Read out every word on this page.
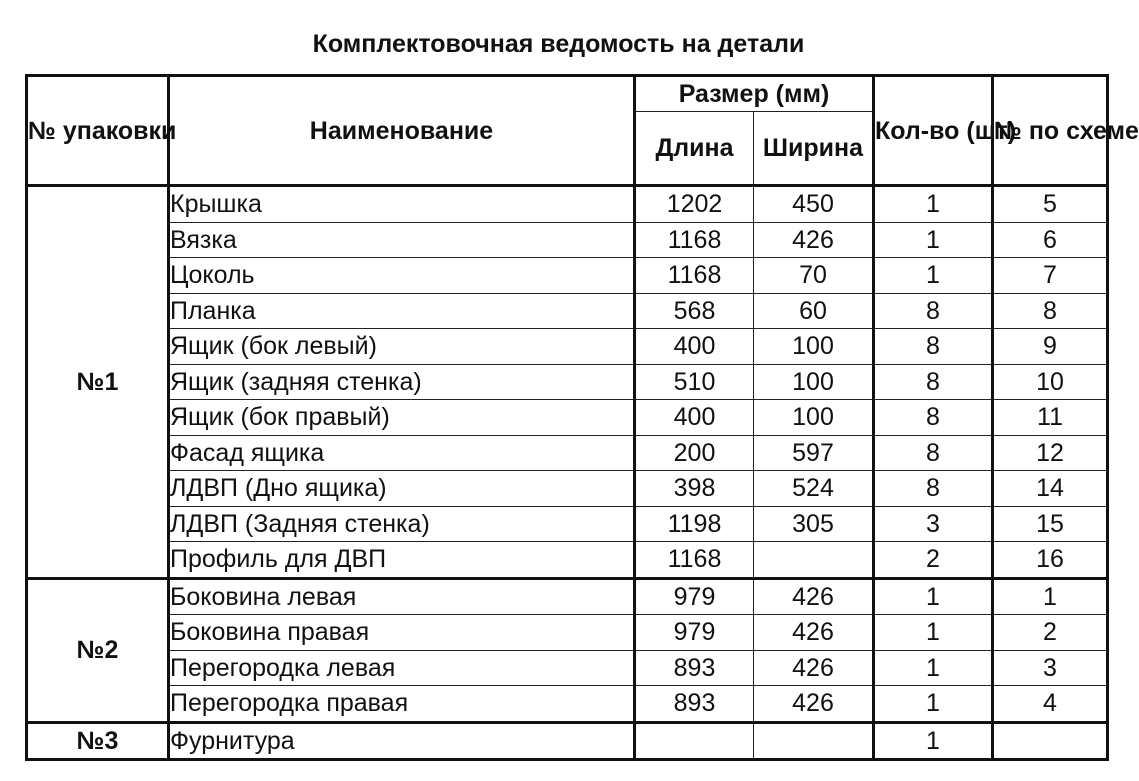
Комплектовочная ведомость на детали
№ упаковки	Наименование	Размер (мм)		Кол-во (шт)	№ по схеме
		Длина	Ширина		
№1	Крышка	1202	450	1	5
	Вязка	1168	426	1	6
	Цоколь	1168	70	1	7
	Планка	568	60	8	8
	Ящик (бок левый)	400	100	8	9
	Ящик (задняя стенка)	510	100	8	10
	Ящик (бок правый)	400	100	8	11
	Фасад ящика	200	597	8	12
	ЛДВП (Дно ящика)	398	524	8	14
	ЛДВП (Задняя стенка)	1198	305	3	15
	Профиль для ДВП	1168		2	16
№2	Боковина левая	979	426	1	1
	Боковина правая	979	426	1	2
	Перегородка левая	893	426	1	3
	Перегородка правая	893	426	1	4
№3	Фурнитура			1	
